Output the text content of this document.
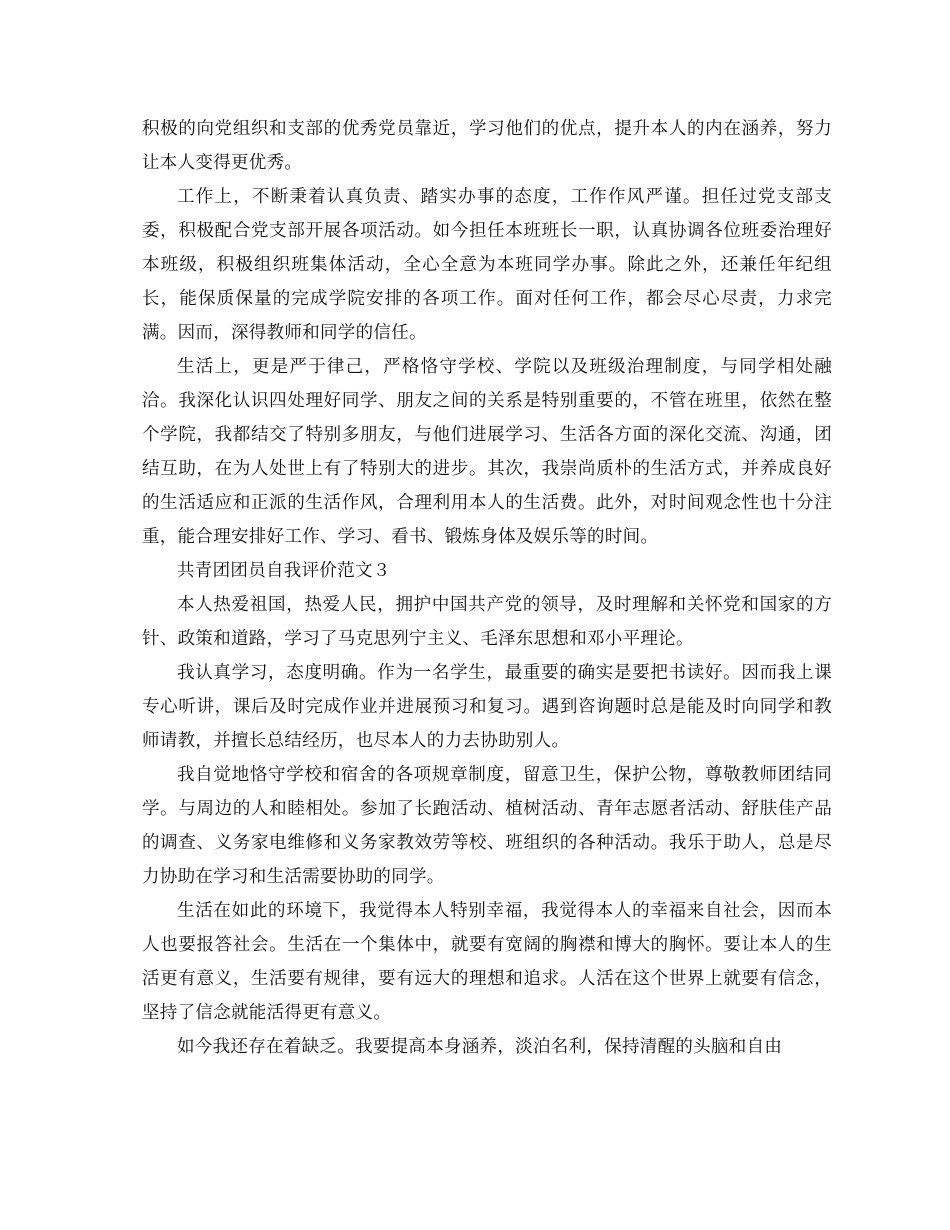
积极的向党组织和支部的优秀党员靠近，学习他们的优点，提升本人的内在涵养，努力让本人变得更优秀。

工作上，不断秉着认真负责、踏实办事的态度，工作作风严谨。担任过党支部支委，积极配合党支部开展各项活动。如今担任本班班长一职，认真协调各位班委治理好本班级，积极组织班集体活动，全心全意为本班同学办事。除此之外，还兼任年纪组长，能保质保量的完成学院安排的各项工作。面对任何工作，都会尽心尽责，力求完满。因而，深得教师和同学的信任。

生活上，更是严于律己，严格恪守学校、学院以及班级治理制度，与同学相处融洽。我深化认识四处理好同学、朋友之间的关系是特别重要的，不管在班里，依然在整个学院，我都结交了特别多朋友，与他们进展学习、生活各方面的深化交流、沟通，团结互助，在为人处世上有了特别大的进步。其次，我崇尚质朴的生活方式，并养成良好的生活适应和正派的生活作风，合理利用本人的生活费。此外，对时间观念性也十分注重，能合理安排好工作、学习、看书、锻炼身体及娱乐等的时间。

共青团团员自我评价范文３

本人热爱祖国，热爱人民，拥护中国共产党的领导，及时理解和关怀党和国家的方针、政策和道路，学习了马克思列宁主义、毛泽东思想和邓小平理论。

我认真学习，态度明确。作为一名学生，最重要的确实是要把书读好。因而我上课专心听讲，课后及时完成作业并进展预习和复习。遇到咨询题时总是能及时向同学和教师请教，并擅长总结经历，也尽本人的力去协助别人。

我自觉地恪守学校和宿舍的各项规章制度，留意卫生，保护公物，尊敬教师团结同学。与周边的人和睦相处。参加了长跑活动、植树活动、青年志愿者活动、舒肤佳产品的调查、义务家电维修和义务家教效劳等校、班组织的各种活动。我乐于助人，总是尽力协助在学习和生活需要协助的同学。

生活在如此的环境下，我觉得本人特别幸福，我觉得本人的幸福来自社会，因而本人也要报答社会。生活在一个集体中，就要有宽阔的胸襟和博大的胸怀。要让本人的生活更有意义，生活要有规律，要有远大的理想和追求。人活在这个世界上就要有信念，坚持了信念就能活得更有意义。

如今我还存在着缺乏。我要提高本身涵养，淡泊名利，保持清醒的头脑和自由
